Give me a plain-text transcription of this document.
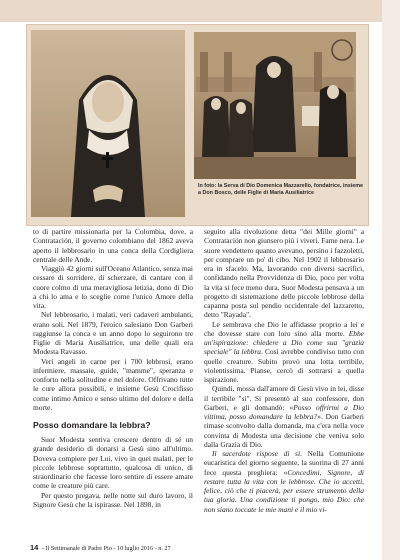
In foto: la Serva di Dio Domenica Mazzarello, fondatrice, insieme a Don Bosco, delle Figlie di Maria Ausiliatrice

to di partire missionaria per la Colombia, dove, a Contratación, il governo colombiano del 1862 aveva aperto il lebbrosario in una conca della Cordigliera centrale delle Ande.

Viaggiò 42 giorni sull'Oceano Atlantico, senza mai cessare di sorridere, di scherzare, di cantare con il cuore colmo di una meravigliosa letizia, dono di Dio a chi lo ama e lo sceglie come l'unico Amore della vita.

Nel lebbrosario, i malati, veri cadaveri ambulanti, erano soli. Nel 1879, l'eroico salesiano Don Garberi raggiunse la conca e un anno dopo lo seguirono tre Figlie di Maria Ausiliatrice, una delle quali era Modesta Ravasso.

Veri angeli in carne per i 700 lebbrosi, erano infermiere, massaie, guide, "mamme", speranza e conforto nella solitudine e nel dolore. Offrivano tutte le cure allora possibili, e insieme Gesù Crocifisso come intimo Amico e senso ultimo del dolore e della morte.

Posso domandare la lebbra?

Suor Modesta sentiva crescere dentro di sé un grande desiderio di donarsi a Gesù sino all'ultimo. Doveva compiere per Lui, vivo in quei malati, per le piccole lebbrose soprattutto, qualcosa di unico, di straordinario che facesse loro sentire di essere amate come le creature più care.

Per questo pregava, nelle notte sul duro lavoro, il Signore Gesù che la ispirasse. Nel 1898, in

seguito alla rivoluzione detta "dei Mille giorni" a Contratación non giunsero più i viveri. Fame nera. Le suore vendettero quanto avevano, persino i fazzoletti, per comprare un po' di cibo. Nel 1902 il lebbrosario era in sfacelo. Ma, lavorando con diversi sacrifici, confidando nella Provvidenza di Dio, poco per volta la vita si fece meno dura. Suor Modesta pensava a un progetto di sistemazione delle piccole lebbrose della capanna posta sul pendio occidentale del lazzaretto, detto "Rayada".

Le sembrava che Dio le affidasse proprio a lei e che dovesse stare con loro sino alla morte. Ebbe un'ispirazione: chiedere a Dio come sua "grazia speciale" la lebbra. Così avrebbe condiviso tutto con quelle creature. Subito provò una lotta terribile, violentissima. Pianse, cercò di sottrarsi a quella ispirazione.

Quindi, mossa dall'amore di Gesù vivo in lei, disse il terribile "sì". Si presentò al suo confessore, don Garberi, e gli domandò: «Posso offrirmi a Dio vittima, posso domandare la lebbra?». Don Garberi rimase sconvolto dalla domanda, ma c'era nella voce convinta di Modesta una decisione che veniva solo dalla Grazia di Dio.

Il sacerdote rispose di sì. Nella Comunione eucaristica del giorno seguente, la suorina di 27 anni fece questa preghiera: «Concedimi, Signore, di restare tutta la vita con le lebbrose. Che io accetti, felice, ciò che ti piacerà, per essere strumento della tua gloria. Una condizione ti pongo, mio Dio: che non siano toccate le mie mani e il mio vi-

14 - Il Settimanale di Padre Pio - 10 luglio 2016 - n. 27
